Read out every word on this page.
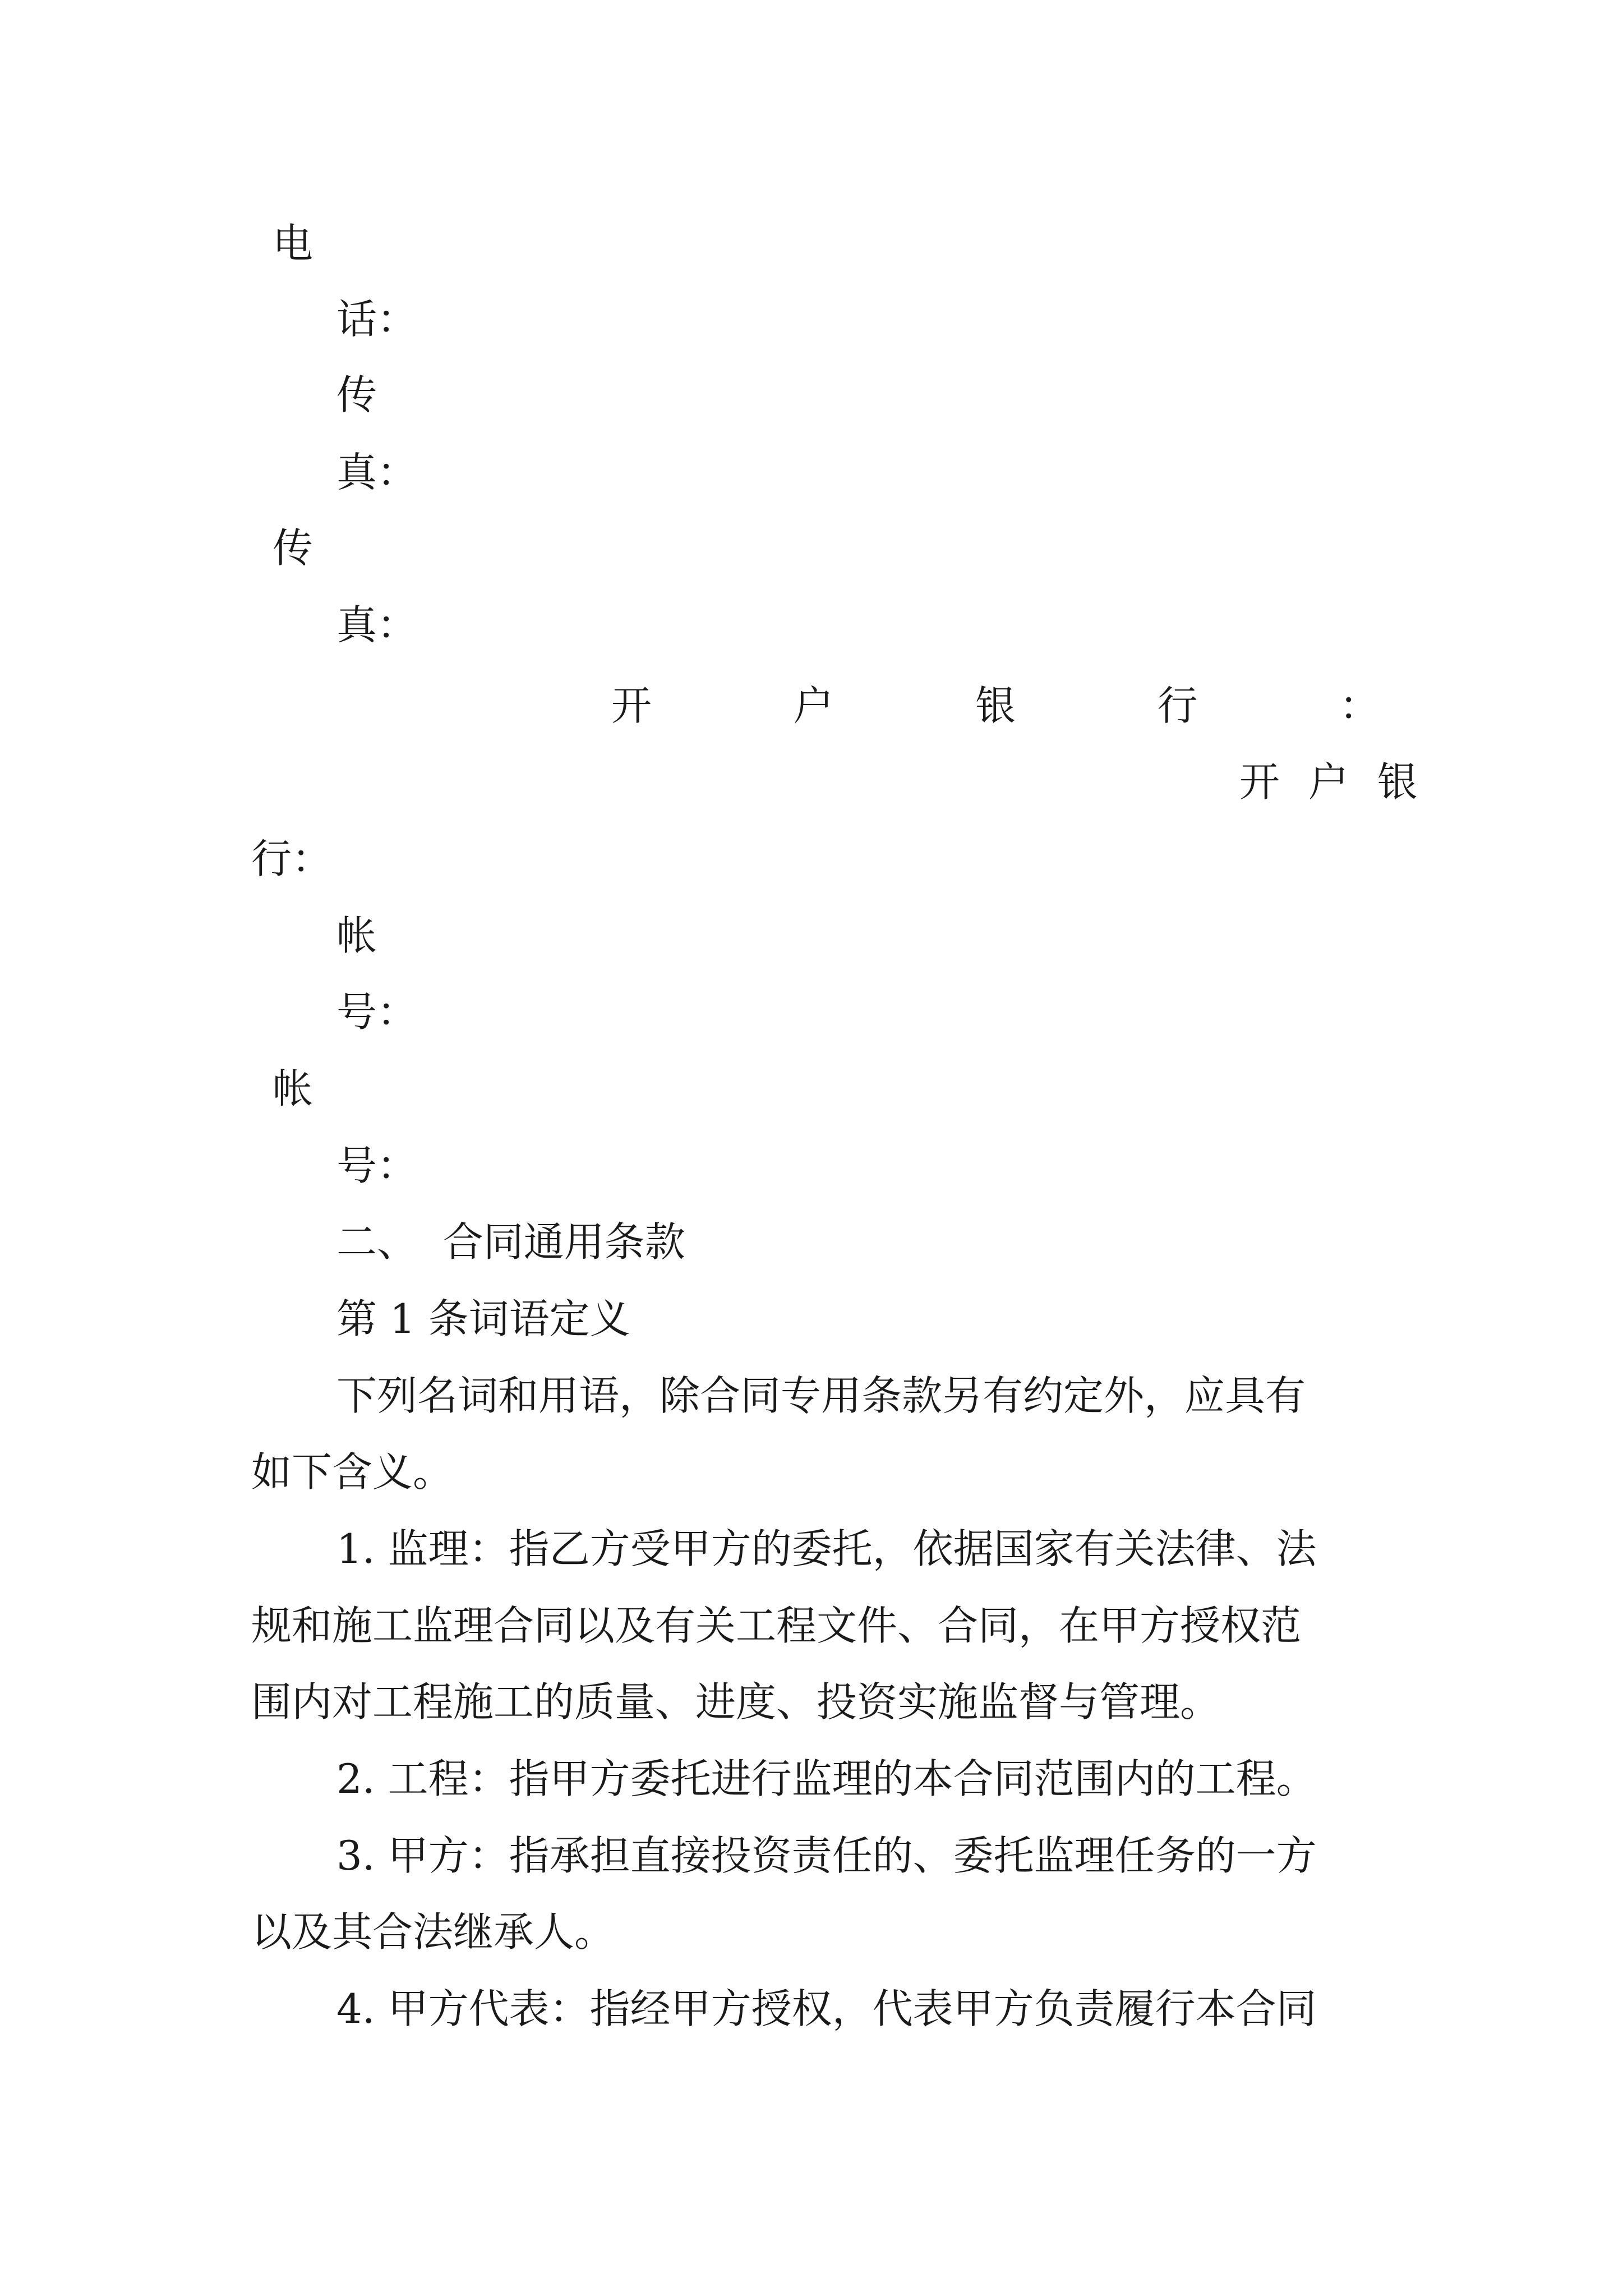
电
话：
传
真：
传
真：
开	户	银	行	：
开 户 银
行：
帐
号：
帐
号：
二、  合同通用条款
第 1 条词语定义
下列名词和用语，除合同专用条款另有约定外，应具有
如下含义。
1. 监理：指乙方受甲方的委托，依据国家有关法律、法
规和施工监理合同以及有关工程文件、合同，在甲方授权范
围内对工程施工的质量、进度、投资实施监督与管理。
2. 工程：指甲方委托进行监理的本合同范围内的工程。
3. 甲方：指承担直接投资责任的、委托监理任务的一方
以及其合法继承人。
4. 甲方代表：指经甲方授权，代表甲方负责履行本合同
